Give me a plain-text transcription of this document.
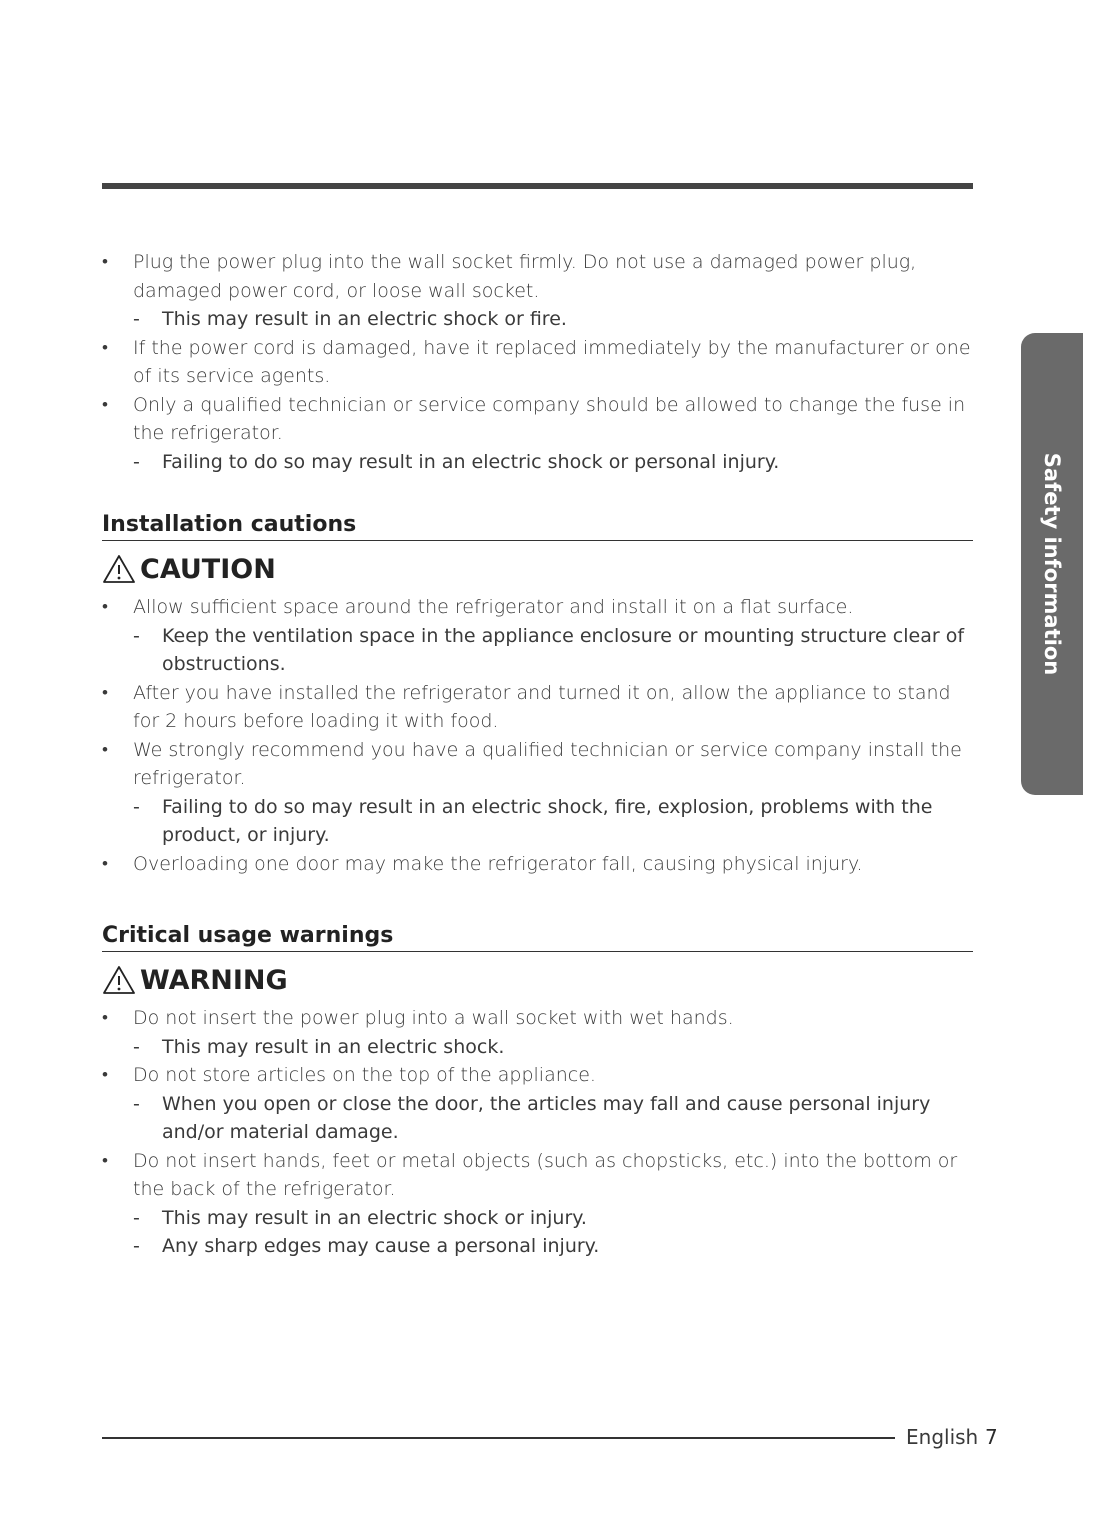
Safety information
• Plug the power plug into the wall socket firmly. Do not use a damaged power plug, damaged power cord, or loose wall socket.
- This may result in an electric shock or fire.
• If the power cord is damaged, have it replaced immediately by the manufacturer or one of its service agents.
• Only a qualified technician or service company should be allowed to change the fuse in the refrigerator.
- Failing to do so may result in an electric shock or personal injury.
Installation cautions
CAUTION
• Allow sufficient space around the refrigerator and install it on a flat surface.
- Keep the ventilation space in the appliance enclosure or mounting structure clear of obstructions.
• After you have installed the refrigerator and turned it on, allow the appliance to stand for 2 hours before loading it with food.
• We strongly recommend you have a qualified technician or service company install the refrigerator.
- Failing to do so may result in an electric shock, fire, explosion, problems with the product, or injury.
• Overloading one door may make the refrigerator fall, causing physical injury.
Critical usage warnings
WARNING
• Do not insert the power plug into a wall socket with wet hands.
- This may result in an electric shock.
• Do not store articles on the top of the appliance.
- When you open or close the door, the articles may fall and cause personal injury and/or material damage.
• Do not insert hands, feet or metal objects (such as chopsticks, etc.) into the bottom or the back of the refrigerator.
- This may result in an electric shock or injury.
- Any sharp edges may cause a personal injury.
English 7
